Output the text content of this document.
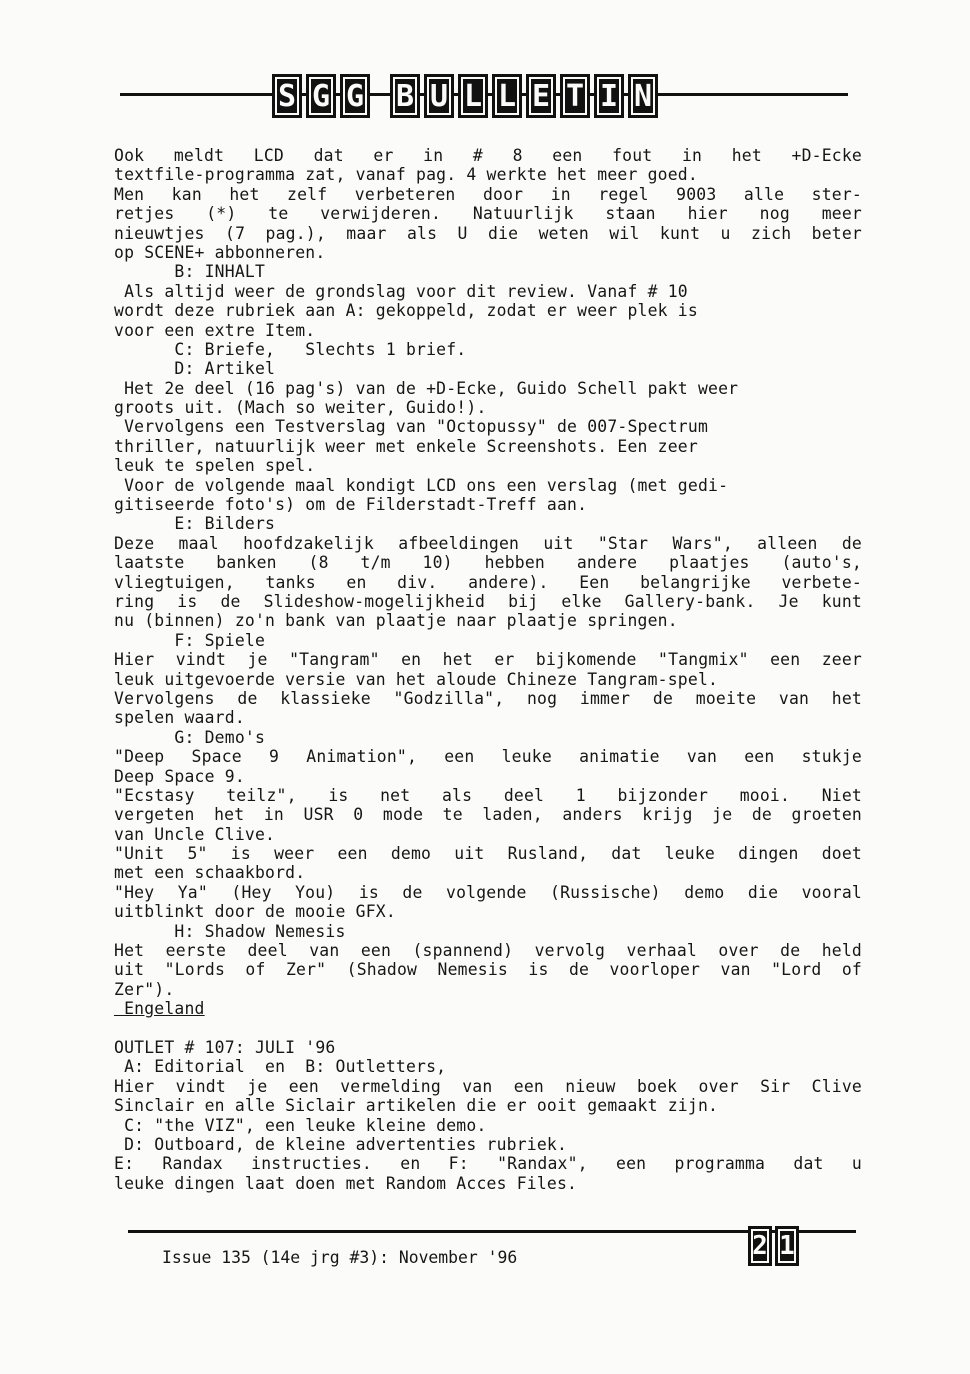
S G G B U L L E T I N
Ook meldt LCD dat er in # 8 een fout in het +D-Ecke
textfile-programma zat, vanaf pag. 4 werkte het meer goed.
Men kan het zelf verbeteren door in regel 9003 alle ster-
retjes (*) te verwijderen. Natuurlijk staan hier nog meer
nieuwtjes (7 pag.), maar als U die weten wil kunt u zich beter
op SCENE+ abbonneren.
B: INHALT
Als altijd weer de grondslag voor dit review. Vanaf # 10
wordt deze rubriek aan A: gekoppeld, zodat er weer plek is
voor een extre Item.
C: Briefe,   Slechts 1 brief.
D: Artikel
Het 2e deel (16 pag's) van de +D-Ecke, Guido Schell pakt weer
groots uit. (Mach so weiter, Guido!).
Vervolgens een Testverslag van "Octopussy" de 007-Spectrum
thriller, natuurlijk weer met enkele Screenshots. Een zeer
leuk te spelen spel.
Voor de volgende maal kondigt LCD ons een verslag (met gedi-
gitiseerde foto's) om de Filderstadt-Treff aan.
E: Bilders
Deze maal hoofdzakelijk afbeeldingen uit "Star Wars", alleen de
laatste banken (8 t/m 10) hebben andere plaatjes (auto's,
vliegtuigen, tanks en div. andere). Een belangrijke verbete-
ring is de Slideshow-mogelijkheid bij elke Gallery-bank. Je kunt
nu (binnen) zo'n bank van plaatje naar plaatje springen.
F: Spiele
Hier vindt je "Tangram" en het er bijkomende "Tangmix" een zeer
leuk uitgevoerde versie van het aloude Chineze Tangram-spel.
Vervolgens de klassieke "Godzilla", nog immer de moeite van het
spelen waard.
G: Demo's
"Deep Space 9 Animation", een leuke animatie van een stukje
Deep Space 9.
"Ecstasy teilz", is net als deel 1 bijzonder mooi. Niet
vergeten het in USR 0 mode te laden, anders krijg je de groeten
van Uncle Clive.
"Unit 5" is weer een demo uit Rusland, dat leuke dingen doet
met een schaakbord.
"Hey Ya" (Hey You) is de volgende (Russische) demo die vooral
uitblinkt door de mooie GFX.
H: Shadow Nemesis
Het eerste deel van een (spannend) vervolg verhaal over de held
uit "Lords of Zer" (Shadow Nemesis is de voorloper van "Lord of
Zer").
Engeland
OUTLET # 107: JULI '96
A: Editorial  en  B: Outletters,
Hier vindt je een vermelding van een nieuw boek over Sir Clive
Sinclair en alle Siclair artikelen die er ooit gemaakt zijn.
C: "the VIZ", een leuke kleine demo.
D: Outboard, de kleine advertenties rubriek.
E: Randax instructies. en F: "Randax", een programma dat u
leuke dingen laat doen met Random Acces Files.
Issue 135 (14e jrg #3): November '96	2 1
